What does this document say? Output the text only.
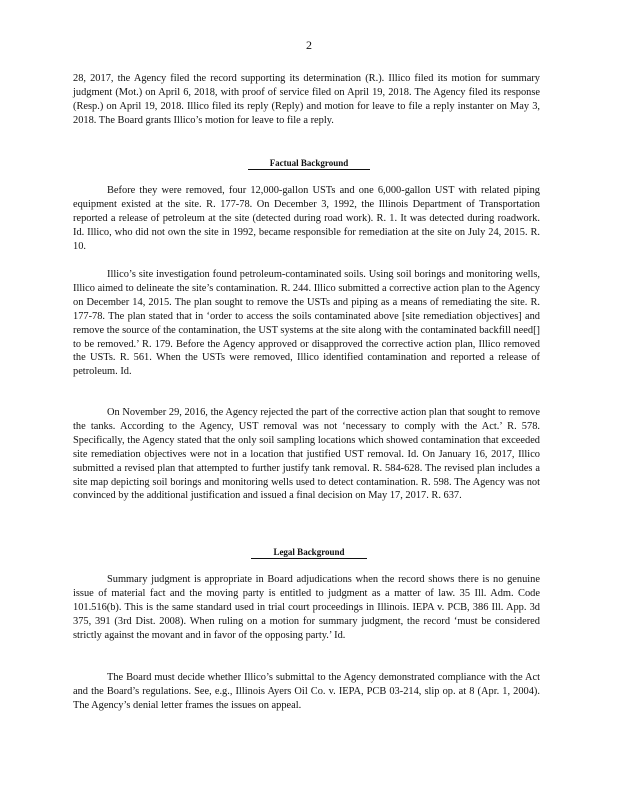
2

28, 2017, the Agency filed the record supporting its determination (R.). Illico filed its motion for summary judgment (Mot.) on April 6, 2018, with proof of service filed on April 19, 2018. The Agency filed its response (Resp.) on April 19, 2018. Illico filed its reply (Reply) and motion for leave to file a reply instanter on May 3, 2018. The Board grants Illico’s motion for leave to file a reply.

Factual Background

Before they were removed, four 12,000-gallon USTs and one 6,000-gallon UST with related piping equipment existed at the site. R. 177-78. On December 3, 1992, the Illinois Department of Transportation reported a release of petroleum at the site (detected during road work). R. 1. It was detected during roadwork. Id. Illico, who did not own the site in 1992, became responsible for remediation at the site on July 24, 2015. R. 10.

Illico’s site investigation found petroleum-contaminated soils. Using soil borings and monitoring wells, Illico aimed to delineate the site’s contamination. R. 244. Illico submitted a corrective action plan to the Agency on December 14, 2015. The plan sought to remove the USTs and piping as a means of remediating the site. R. 177-78. The plan stated that in ‘order to access the soils contaminated above [site remediation objectives] and remove the source of the contamination, the UST systems at the site along with the contaminated backfill need[] to be removed.’ R. 179. Before the Agency approved or disapproved the corrective action plan, Illico removed the USTs. R. 561. When the USTs were removed, Illico identified contamination and reported a release of petroleum. Id.

On November 29, 2016, the Agency rejected the part of the corrective action plan that sought to remove the tanks. According to the Agency, UST removal was not ‘necessary to comply with the Act.’ R. 578. Specifically, the Agency stated that the only soil sampling locations which showed contamination that exceeded site remediation objectives were not in a location that justified UST removal. Id. On January 16, 2017, Illico submitted a revised plan that attempted to further justify tank removal. R. 584-628. The revised plan includes a site map depicting soil borings and monitoring wells used to detect contamination. R. 598. The Agency was not convinced by the additional justification and issued a final decision on May 17, 2017. R. 637.

Legal Background

Summary judgment is appropriate in Board adjudications when the record shows there is no genuine issue of material fact and the moving party is entitled to judgment as a matter of law. 35 Ill. Adm. Code 101.516(b). This is the same standard used in trial court proceedings in Illinois. IEPA v. PCB, 386 Ill. App. 3d 375, 391 (3rd Dist. 2008). When ruling on a motion for summary judgment, the record ‘must be considered strictly against the movant and in favor of the opposing party.’ Id.

The Board must decide whether Illico’s submittal to the Agency demonstrated compliance with the Act and the Board’s regulations. See, e.g., Illinois Ayers Oil Co. v. IEPA, PCB 03-214, slip op. at 8 (Apr. 1, 2004). The Agency’s denial letter frames the issues on appeal.
